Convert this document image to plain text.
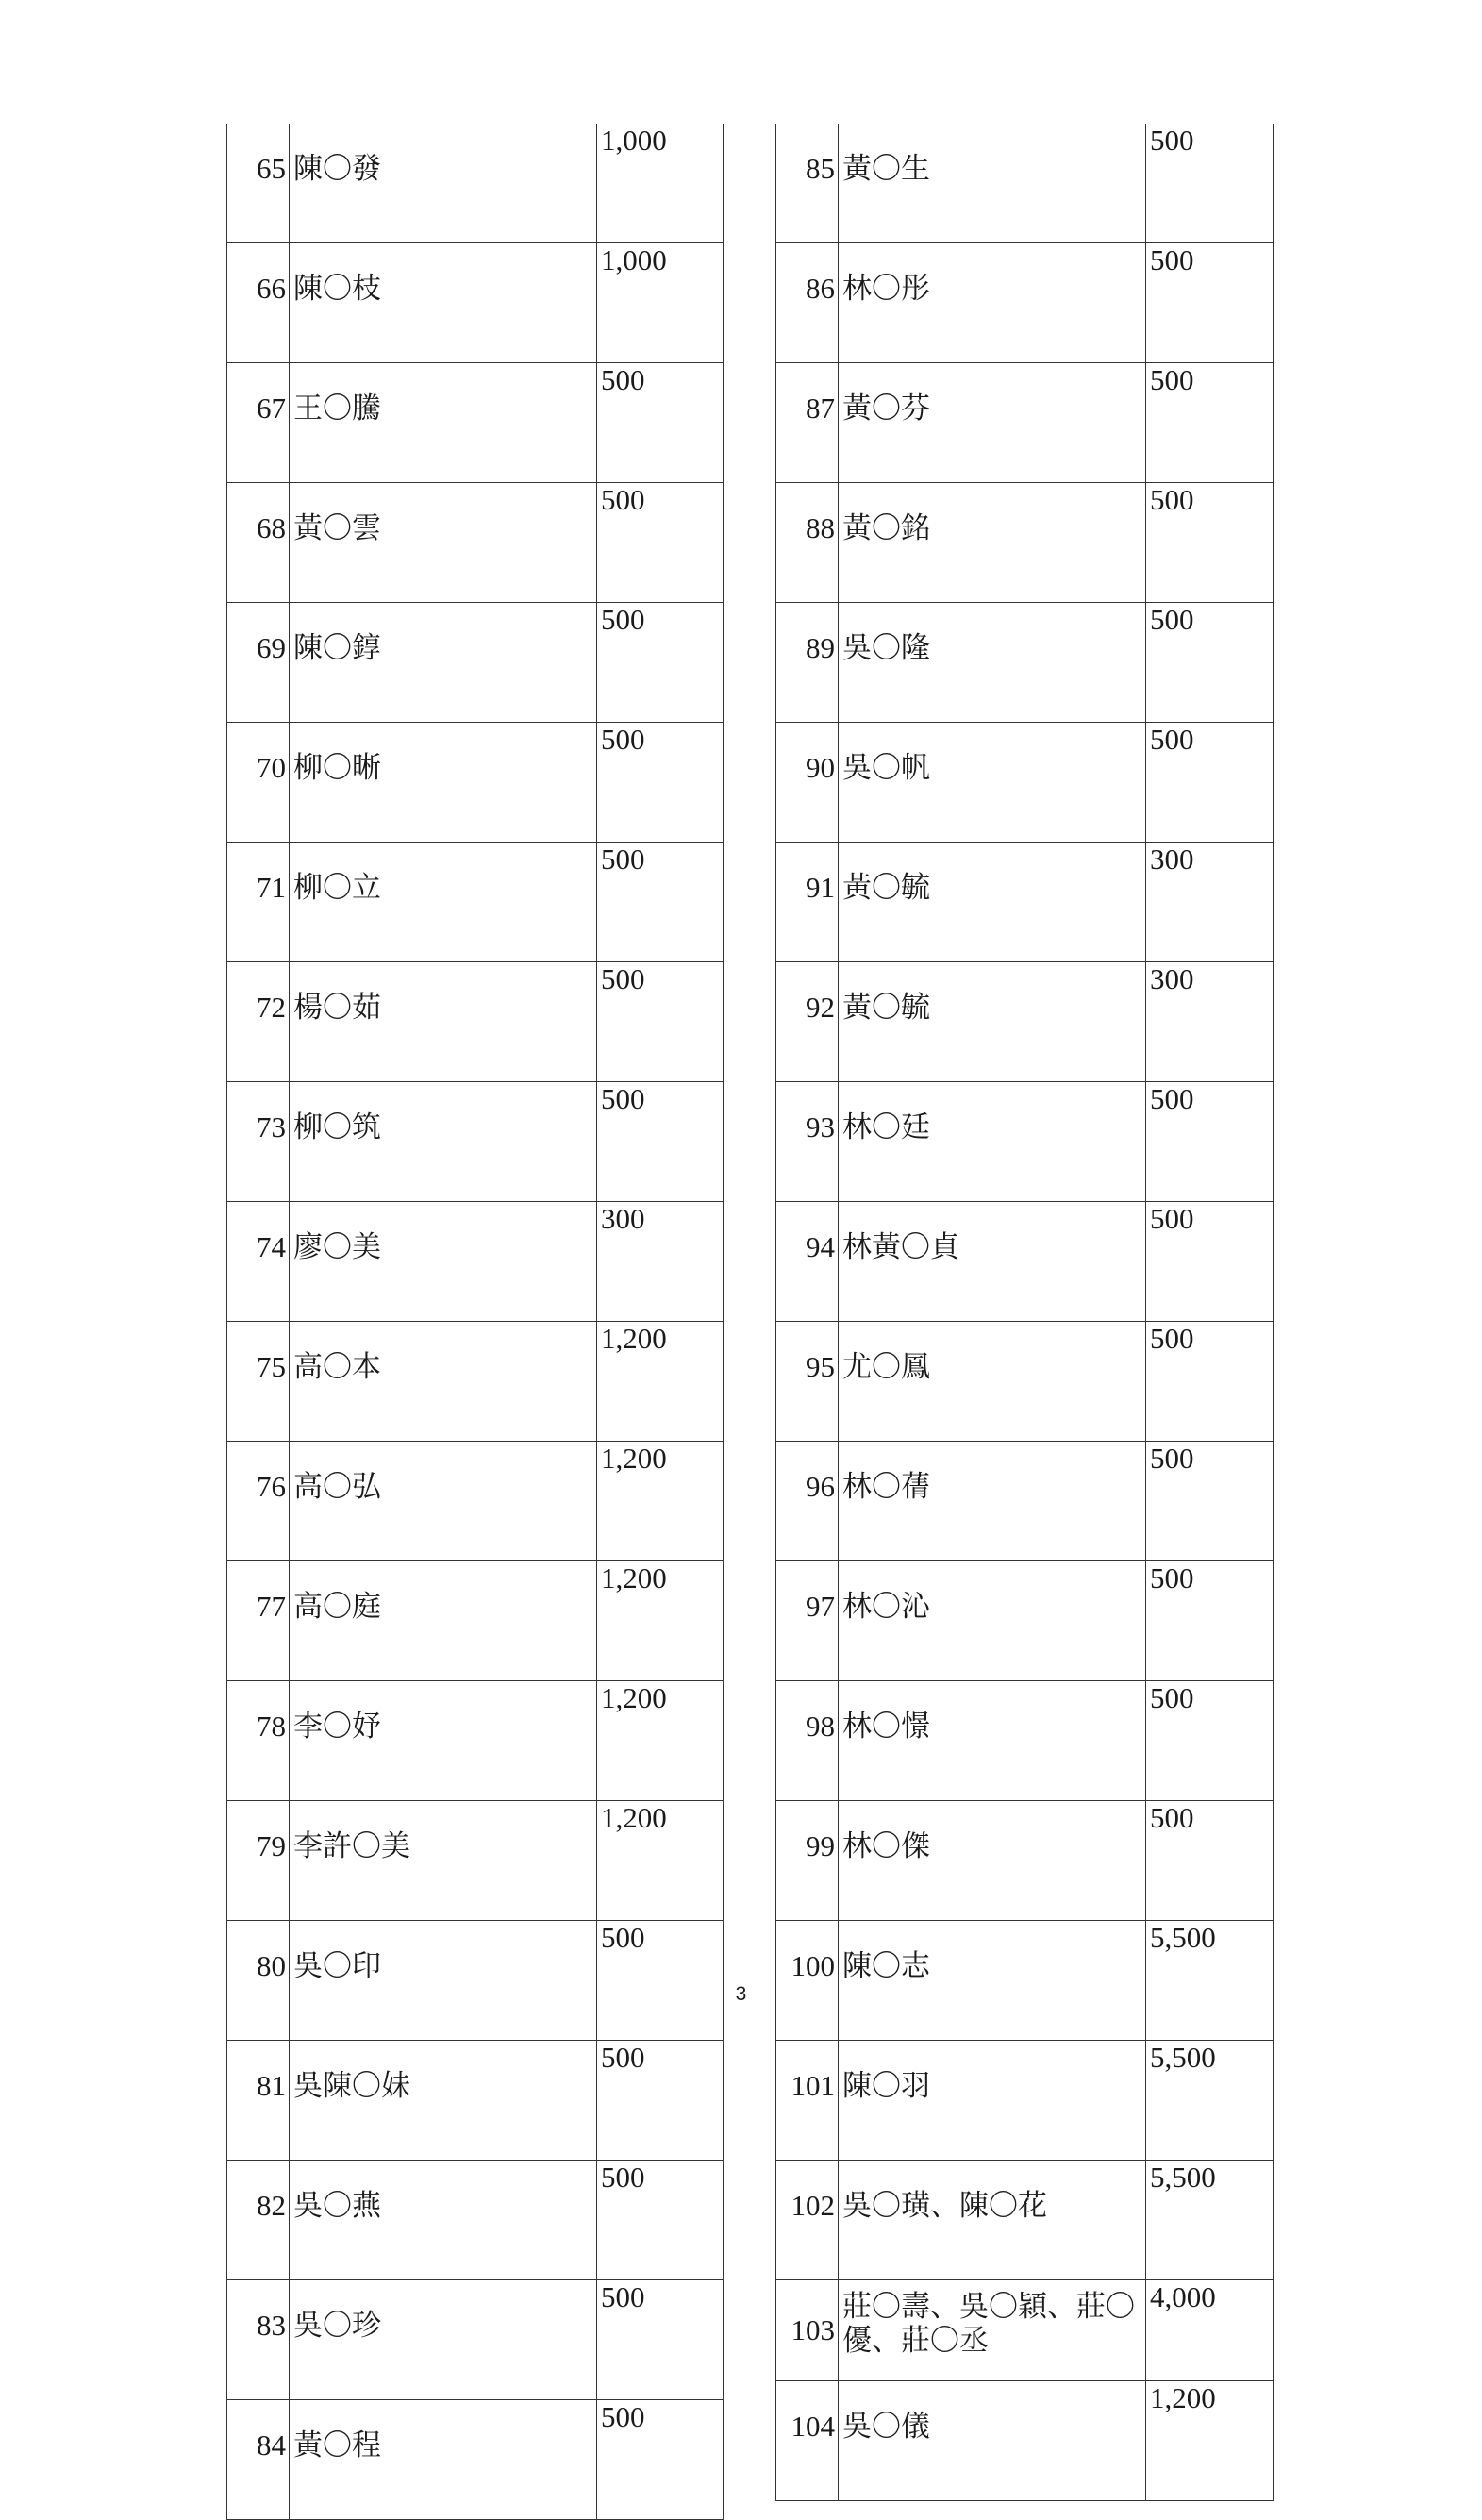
65	陳〇發	1,000
66	陳〇枝	1,000
67	王〇騰	500
68	黃〇雲	500
69	陳〇錞	500
70	柳〇晰	500
71	柳〇立	500
72	楊〇茹	500
73	柳〇筑	500
74	廖〇美	300
75	高〇本	1,200
76	高〇弘	1,200
77	高〇庭	1,200
78	李〇妤	1,200
79	李許〇美	1,200
80	吳〇印	500
81	吳陳〇妹	500
82	吳〇燕	500
83	吳〇珍	500
84	黃〇程	500
85	黃〇生	500
86	林〇彤	500
87	黃〇芬	500
88	黃〇銘	500
89	吳〇隆	500
90	吳〇帆	500
91	黃〇毓	300
92	黃〇毓	300
93	林〇廷	500
94	林黃〇貞	500
95	尤〇鳳	500
96	林〇蒨	500
97	林〇沁	500
98	林〇憬	500
99	林〇傑	500
100	陳〇志	5,500
101	陳〇羽	5,500
102	吳〇璜、陳〇花	5,500
103	莊〇壽、吳〇穎、莊〇優、莊〇丞	4,000
104	吳〇儀	1,200
3
